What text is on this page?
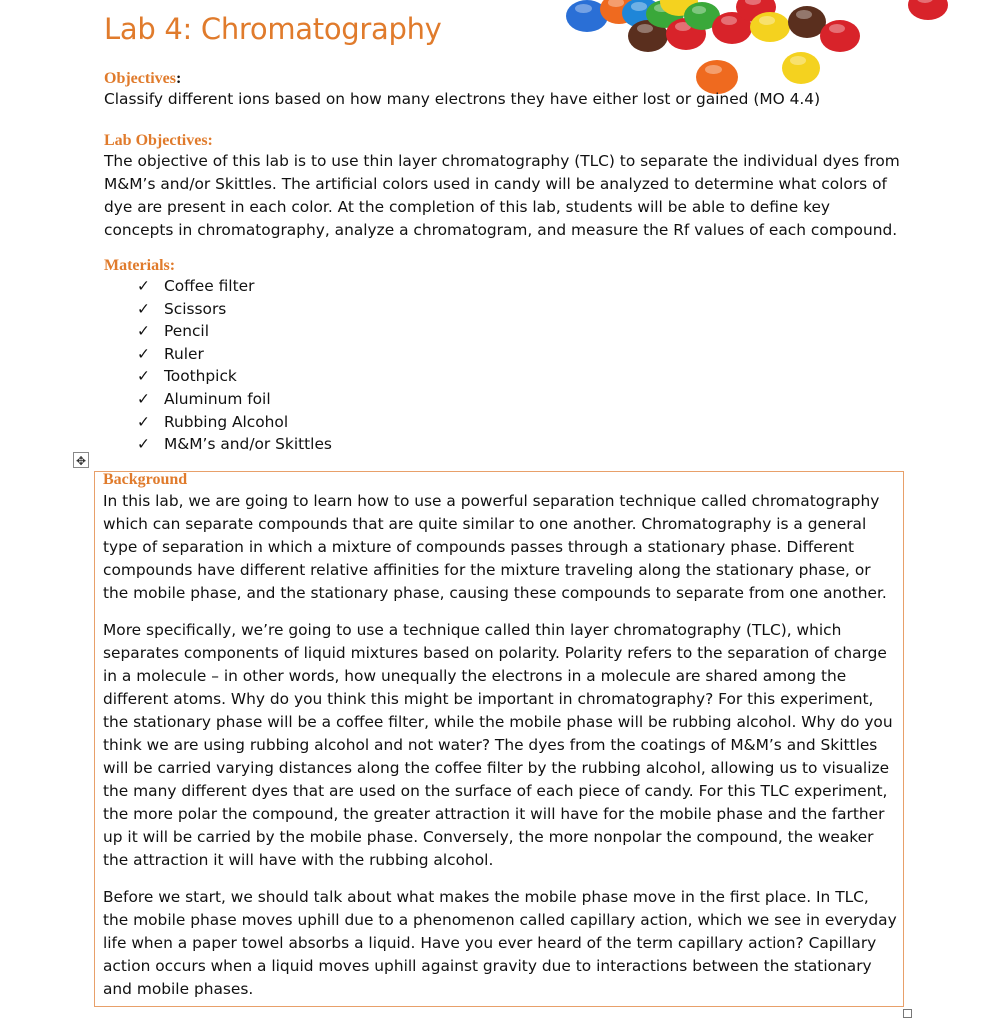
Lab 4: Chromatography
Objectives:
Classify different ions based on how many electrons they have either lost or gained (MO 4.4)
Lab Objectives:
The objective of this lab is to use thin layer chromatography (TLC) to separate the individual dyes from M&M’s and/or Skittles. The artificial colors used in candy will be analyzed to determine what colors of dye are present in each color. At the completion of this lab, students will be able to define key concepts in chromatography, analyze a chromatogram, and measure the Rf values of each compound.
Materials:
✓ Coffee filter
✓ Scissors
✓ Pencil
✓ Ruler
✓ Toothpick
✓ Aluminum foil
✓ Rubbing Alcohol
✓ M&M’s and/or Skittles
✥
Background

In this lab, we are going to learn how to use a powerful separation technique called chromatography which can separate compounds that are quite similar to one another. Chromatography is a general type of separation in which a mixture of compounds passes through a stationary phase. Different compounds have different relative affinities for the mixture traveling along the stationary phase, or the mobile phase, and the stationary phase, causing these compounds to separate from one another.

More specifically, we’re going to use a technique called thin layer chromatography (TLC), which separates components of liquid mixtures based on polarity. Polarity refers to the separation of charge in a molecule – in other words, how unequally the electrons in a molecule are shared among the different atoms. Why do you think this might be important in chromatography? For this experiment, the stationary phase will be a coffee filter, while the mobile phase will be rubbing alcohol. Why do you think we are using rubbing alcohol and not water? The dyes from the coatings of M&M’s and Skittles will be carried varying distances along the coffee filter by the rubbing alcohol, allowing us to visualize the many different dyes that are used on the surface of each piece of candy. For this TLC experiment, the more polar the compound, the greater attraction it will have for the mobile phase and the farther up it will be carried by the mobile phase. Conversely, the more nonpolar the compound, the weaker the attraction it will have with the rubbing alcohol.

Before we start, we should talk about what makes the mobile phase move in the first place. In TLC, the mobile phase moves uphill due to a phenomenon called capillary action, which we see in everyday life when a paper towel absorbs a liquid. Have you ever heard of the term capillary action? Capillary action occurs when a liquid moves uphill against gravity due to interactions between the stationary and mobile phases.
